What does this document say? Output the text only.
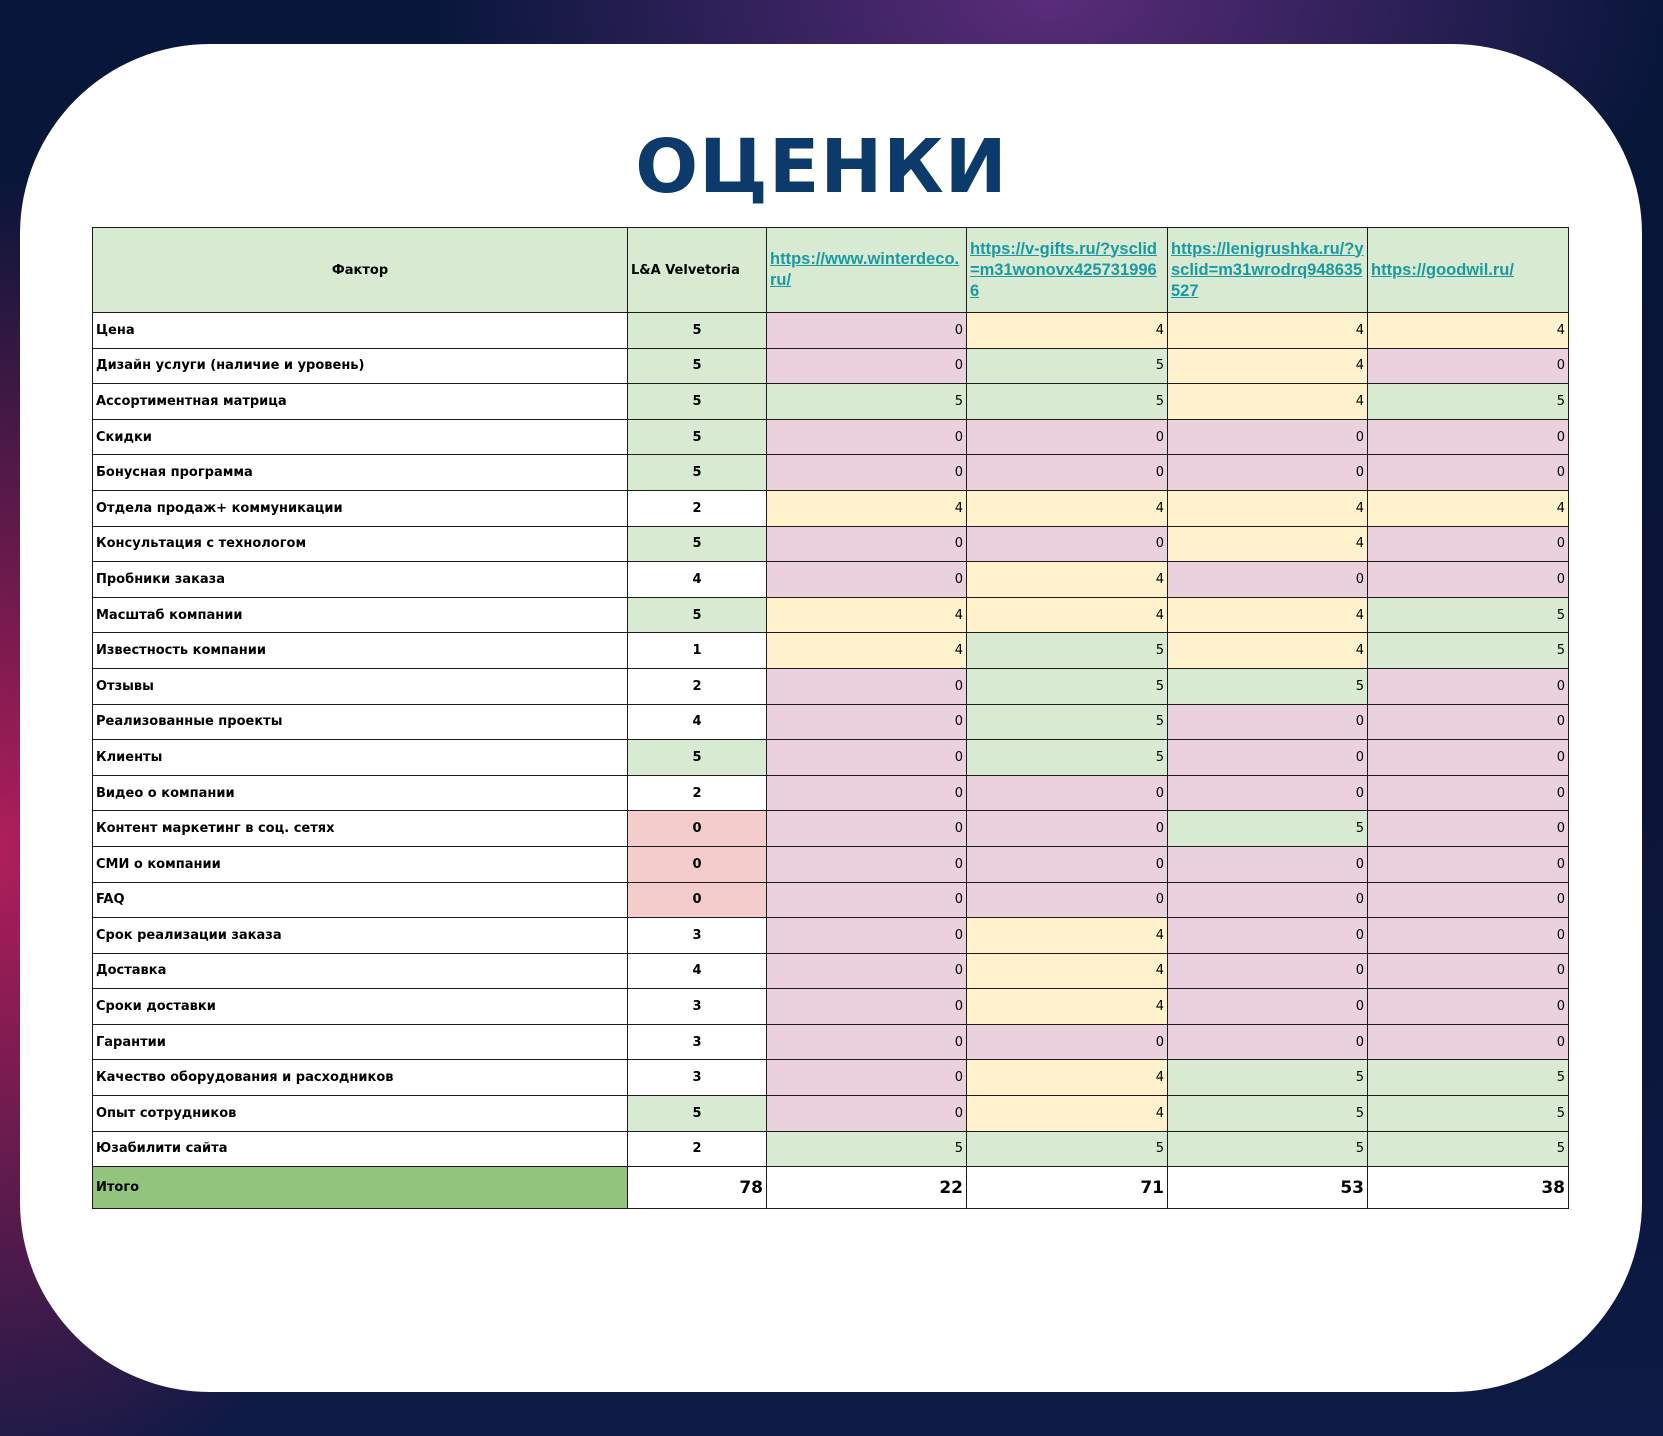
ОЦЕНКИ
Фактор	L&A Velvetoria	https://www.winterdeco.ru/	https://v-gifts.ru/?ysclid=m31wonovx4257319966	https://lenigrushka.ru/?ysclid=m31wrodrq948635527	https://goodwil.ru/

Цена	5	0	4	4	4
Дизайн услуги (наличие и уровень)	5	0	5	4	0
Ассортиментная матрица	5	5	5	4	5
Скидки	5	0	0	0	0
Бонусная программа	5	0	0	0	0
Отдела продаж+ коммуникации	2	4	4	4	4
Консультация с технологом	5	0	0	4	0
Пробники заказа	4	0	4	0	0
Масштаб компании	5	4	4	4	5
Известность компании	1	4	5	4	5
Отзывы	2	0	5	5	0
Реализованные проекты	4	0	5	0	0
Клиенты	5	0	5	0	0
Видео о компании	2	0	0	0	0
Контент маркетинг в соц. сетях	0	0	0	5	0
СМИ о компании	0	0	0	0	0
FAQ	0	0	0	0	0
Срок реализации заказа	3	0	4	0	0
Доставка	4	0	4	0	0
Сроки доставки	3	0	4	0	0
Гарантии	3	0	0	0	0
Качество оборудования и расходников	3	0	4	5	5
Опыт сотрудников	5	0	4	5	5
Юзабилити сайта	2	5	5	5	5
Итого	78	22	71	53	38
